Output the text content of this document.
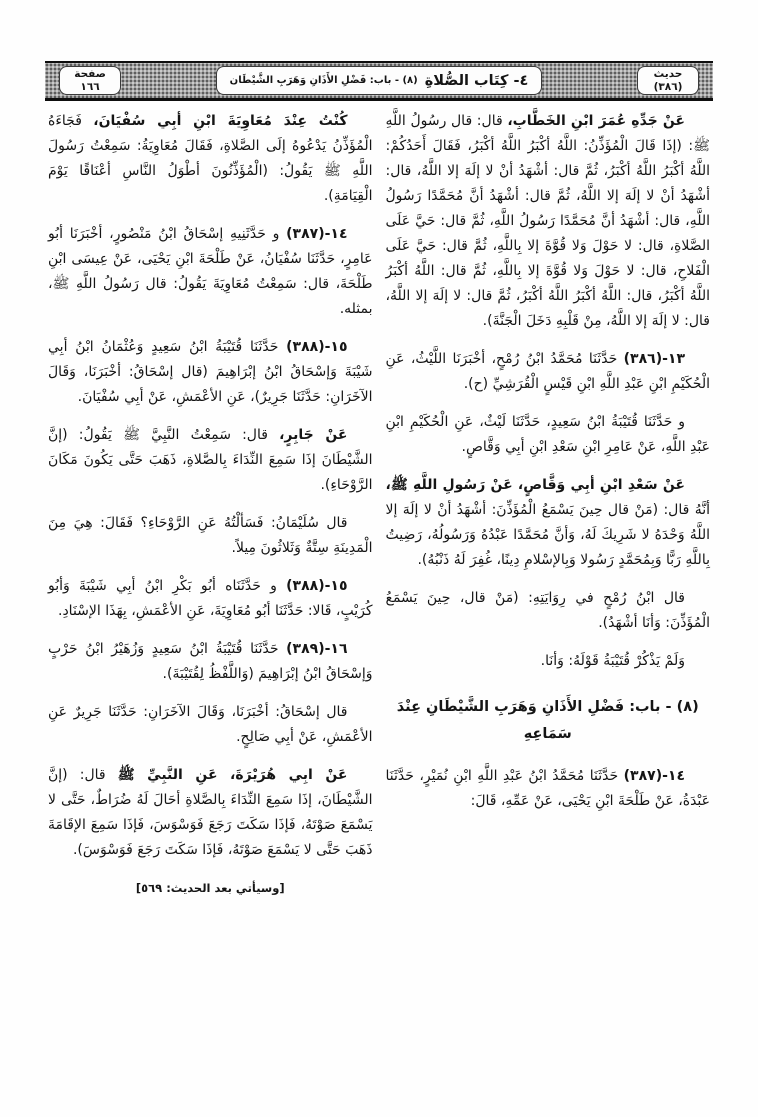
حديث
(٣٨٦)
٤- كِتَاب الصُّلاةِ
(٨) - باب: فَضْلِ الأَذَانِ وَهَرَبِ الشَّيْطَان
صفحة
١٦٦

عَنْ جَدِّهِ عُمَرَ ابْنِ الخَطَّابِ، قال: قال رسُولُ اللَّهِ ﷺ: (إذَا قَالَ الْمُؤَذِّنُ: اللَّهُ أكْبَرُ اللَّهُ أكْبَرُ، فَقَالَ أَحَدُكُمْ: اللَّهُ أكْبَرُ اللَّهُ أكْبَرُ، ثُمَّ قال: أشْهَدُ أنْ لا إلَهَ إلا اللَّهُ، قال: أشْهَدُ أنْ لا إلَهَ إلا اللَّهُ، ثُمَّ قال: أشْهَدُ أنَّ مُحَمَّدًا رَسُولُ اللَّهِ، قال: أشْهَدُ أنَّ مُحَمَّدًا رَسُولُ اللَّهِ، ثُمَّ قال: حَيَّ عَلَى الصَّلاةِ، قال: لا حَوْلَ وَلا قُوَّةَ إلا بِاللَّهِ، ثُمَّ قال: حَيَّ عَلَى الْفَلاحِ، قال: لا حَوْلَ وَلا قُوَّةَ إلا بِاللَّهِ، ثُمَّ قال: اللَّهُ أكْبَرُ اللَّهُ أكْبَرُ، قال: اللَّهُ أكْبَرُ اللَّهُ أكْبَرُ، ثُمَّ قال: لا إلَهَ إلا اللَّهُ، قال: لا إلَهَ إلا اللَّهُ، مِنْ قَلْبِهِ دَخَلَ الْجَنَّةَ).

١٣-(٣٨٦) حَدَّثَنَا مُحَمَّدُ ابْنُ رُمْحٍ، أخْبَرَنَا اللَّيْثُ، عَنِ الْحُكَيْمِ ابْنِ عَبْدِ اللَّهِ ابْنِ قَيْسٍ الْقُرَشِيِّ (ح).

و حَدَّثَنَا قُتَيْبَةُ ابْنُ سَعِيدٍ، حَدَّثَنَا لَيْثٌ، عَنِ الْحُكَيْمِ ابْنِ عَبْدِ اللَّهِ، عَنْ عَامِرِ ابْنِ سَعْدِ ابْنِ أبِي وَقَّاصٍ.

عَنْ سَعْدِ ابْنِ أبِي وَقَّاصٍ، عَنْ رَسُولِ اللَّهِ ﷺ، أنَّهُ قال: (مَنْ قال حِينَ يَسْمَعُ الْمُؤَذِّنَ: أشْهَدُ أنْ لا إلَهَ إلا اللَّهُ وَحْدَهُ لا شَرِيكَ لَهُ، وَأنَّ مُحَمَّدًا عَبْدُهُ وَرَسُولُهُ، رَضِيتُ بِاللَّهِ رَبًّا وَبِمُحَمَّدٍ رَسُولا وَبِالإسْلامِ دِينًا، غُفِرَ لَهُ ذَنْبُهُ).

قال ابْنُ رُمْحٍ في رِوَايَتِهِ: (مَنْ قال، حِينَ يَسْمَعُ الْمُؤَذِّنَ: وَأنَا أشْهَدُ).

وَلَمْ يَذْكُرْ قُتَيْبَةُ قَوْلَهُ: وَأنَا.

(٨) - باب: فَضْلِ الأَذَانِ وَهَرَبِ الشَّيْطَانِ عِنْدَ سَمَاعِهِ

١٤-(٣٨٧) حَدَّثَنَا مُحَمَّدُ ابْنُ عَبْدِ اللَّهِ ابْنِ نُمَيْرٍ، حَدَّثَنَا عَبْدَةُ، عَنْ طَلْحَةَ ابْنِ يَحْيَى، عَنْ عَمِّهِ، قَالَ:

كُنْتُ عِنْدَ مُعَاوِيَةَ ابْنِ أبِي سُفْيَانَ، فَجَاءَهُ الْمُؤَذِّنُ يَدْعُوهُ إلَى الصَّلاةِ، فَقَالَ مُعَاوِيَةُ: سَمِعْتُ رَسُولَ اللَّهِ ﷺ يَقُولُ: (الْمُؤَذِّنُونَ أطْوَلُ النَّاسِ أعْنَاقًا يَوْمَ الْقِيَامَةِ).

١٤-(٣٨٧) و حَدَّثَنِيهِ إسْحَاقُ ابْنُ مَنْصُورٍ، أخْبَرَنَا أبُو عَامِرٍ، حَدَّثَنَا سُفْيَانُ، عَنْ طَلْحَةَ ابْنِ يَحْيَى، عَنْ عِيسَى ابْنِ طَلْحَةَ، قال: سَمِعْتُ مُعَاوِيَةَ يَقُولُ: قال رَسُولُ اللَّهِ ﷺ، بمثله.

١٥-(٣٨٨) حَدَّثَنَا قُتَيْبَةُ ابْنُ سَعِيدٍ وَعُثْمَانُ ابْنُ أبِي شَيْبَةَ وَإسْحَاقُ ابْنُ إبْرَاهِيمَ (قال إسْحَاقُ: أخْبَرَنَا، وَقَالَ الآخَرَانِ: حَدَّثَنَا جَرِيرٌ)، عَنِ الأعْمَشِ، عَنْ أبِي سُفْيَانَ.

عَنْ جَابِرٍ، قال: سَمِعْتُ النَّبِيَّ ﷺ يَقُولُ: (إنَّ الشَّيْطَانَ إذَا سَمِعَ النِّدَاءَ بِالصَّلاةِ، ذَهَبَ حَتَّى يَكُونَ مَكَانَ الرَّوْحَاءِ).

قال سُلَيْمَانُ: فَسَألْتُهُ عَنِ الرَّوْحَاءِ؟ فَقَالَ: هِيَ مِنَ الْمَدِينَةِ سِتَّةٌ وَثَلاثُونَ مِيلاً.

١٥-(٣٨٨) و حَدَّثَنَاه أبُو بَكْرِ ابْنُ أبِي شَيْبَةَ وَأبُو كُرَيْبٍ، قَالا: حَدَّثَنَا أبُو مُعَاوِيَةَ، عَنِ الأعْمَشِ، بِهَذَا الإسْنَادِ.

١٦-(٣٨٩) حَدَّثَنَا قُتَيْبَةُ ابْنُ سَعِيدٍ وَزُهَيْرُ ابْنُ حَرْبٍ وَإسْحَاقُ ابْنُ إبْرَاهِيمَ (وَاللَّفْظُ لِقُتَيْبَةَ).

قال إسْحَاقُ: أخْبَرَنَا، وَقَالَ الآخَرَانِ: حَدَّثَنَا جَرِيرٌ عَنِ الأعْمَشِ، عَنْ أبِي صَالِحٍ.

عَنْ ابِي هُرَيْرَةَ، عَنِ النَّبِيِّ ﷺ قال: (إنَّ الشَّيْطَانَ، إذَا سَمِعَ النِّدَاءَ بِالصَّلاةِ أحَالَ لَهُ ضُرَاطٌ، حَتَّى لا يَسْمَعَ صَوْتَهُ، فَإذَا سَكَتَ رَجَعَ فَوَسْوَسَ، فَإذَا سَمِعَ الإقَامَةَ ذَهَبَ حَتَّى لا يَسْمَعَ صَوْتَهُ، فَإذَا سَكَتَ رَجَعَ فَوَسْوَسَ).

[وسيأتي بعد الحديث: ٥٦٩]
